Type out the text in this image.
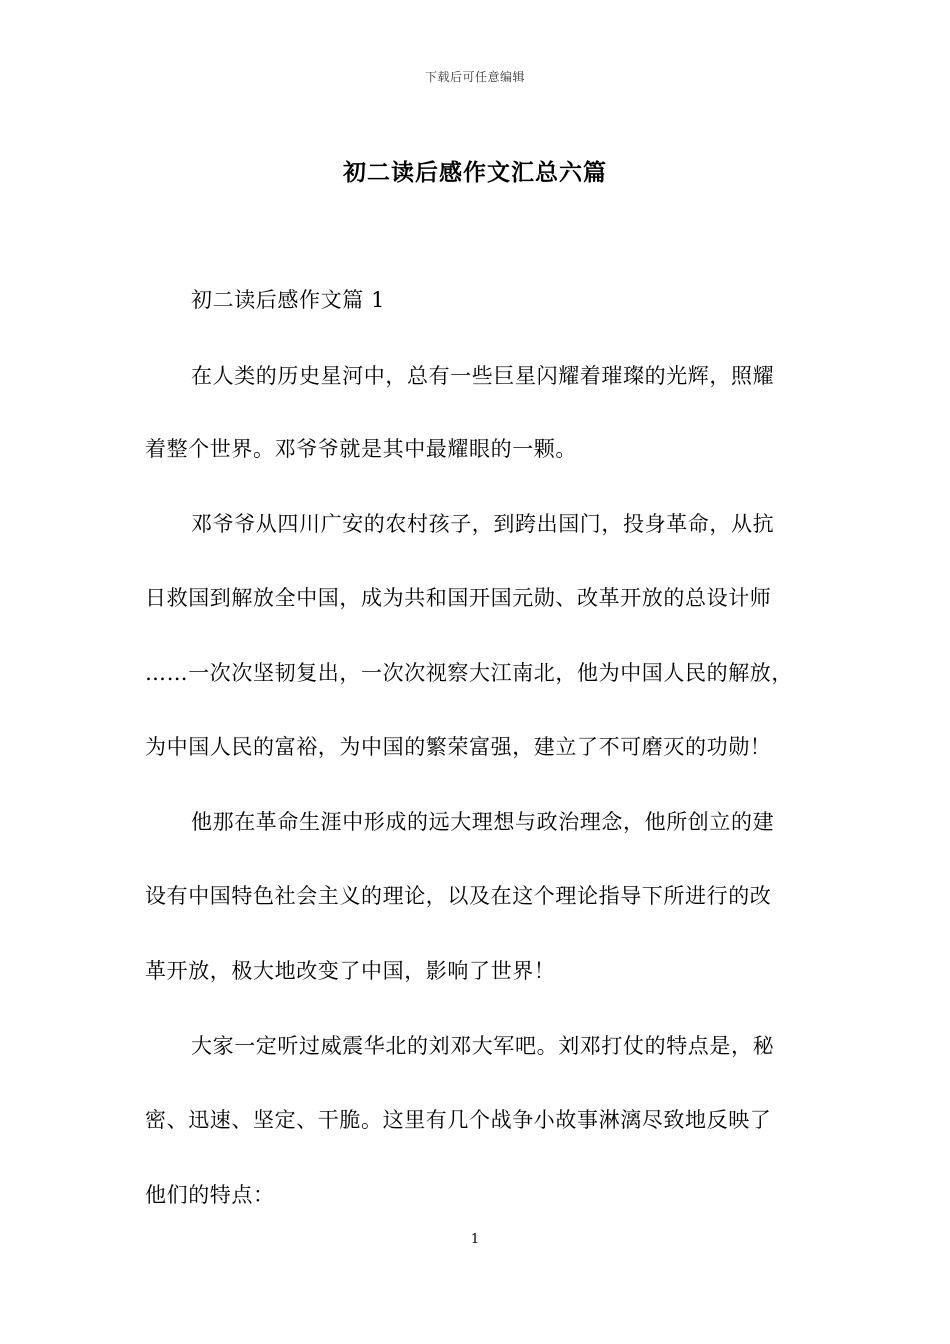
下载后可任意编辑
初二读后感作文汇总六篇
初二读后感作文篇 1
在人类的历史星河中，总有一些巨星闪耀着璀璨的光辉，照耀
着整个世界。邓爷爷就是其中最耀眼的一颗。
邓爷爷从四川广安的农村孩子，到跨出国门，投身革命，从抗
日救国到解放全中国，成为共和国开国元勋、改革开放的总设计师
……一次次坚韧复出，一次次视察大江南北，他为中国人民的解放，
为中国人民的富裕，为中国的繁荣富强，建立了不可磨灭的功勋！
他那在革命生涯中形成的远大理想与政治理念，他所创立的建
设有中国特色社会主义的理论，以及在这个理论指导下所进行的改
革开放，极大地改变了中国，影响了世界！
大家一定听过威震华北的刘邓大军吧。刘邓打仗的特点是，秘
密、迅速、坚定、干脆。这里有几个战争小故事淋漓尽致地反映了
他们的特点：
1
